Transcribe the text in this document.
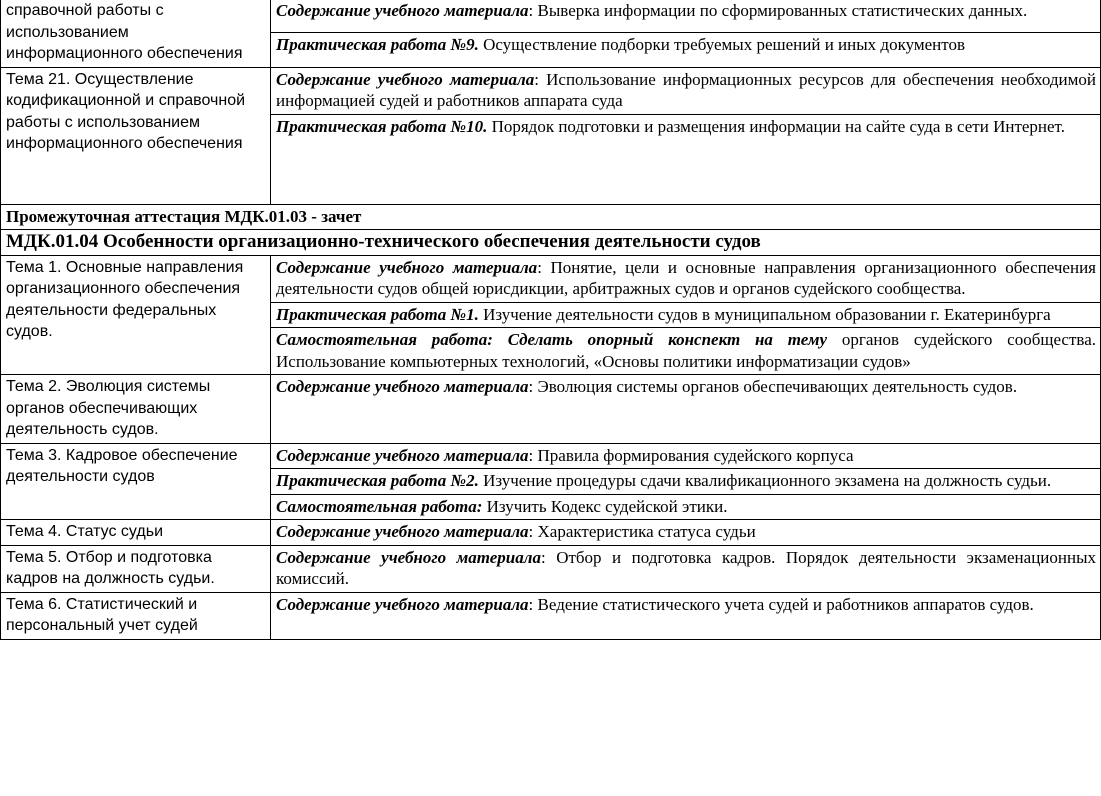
справочной работы с использованием информационного обеспечения	Содержание учебного материала: Выверка информации по сформированных статистических данных.
	Практическая работа №9. Осуществление подборки требуемых решений и иных документов
Тема 21. Осуществление кодификационной и справочной работы с использованием информационного обеспечения	Содержание учебного материала: Использование информационных ресурсов для обеспечения необходимой информацией судей и работников аппарата суда
	Практическая работа №10. Порядок подготовки и размещения информации на сайте суда в сети Интернет.
Промежуточная аттестация МДК.01.03 - зачет	
МДК.01.04 Особенности организационно-технического обеспечения деятельности судов	
Тема 1. Основные направления организационного обеспечения деятельности федеральных судов.	Содержание учебного материала: Понятие, цели и основные направления организационного обеспечения деятельности судов общей юрисдикции, арбитражных судов и органов судейского сообщества.
	Практическая работа №1. Изучение деятельности судов в муниципальном образовании г. Екатеринбурга
	Самостоятельная работа: Сделать опорный конспект на тему органов судейского сообщества. Использование компьютерных технологий, «Основы политики информатизации судов»
Тема 2. Эволюция системы органов обеспечивающих деятельность судов.	Содержание учебного материала: Эволюция системы органов обеспечивающих деятельность судов.
Тема 3. Кадровое обеспечение деятельности судов	Содержание учебного материала: Правила формирования судейского корпуса
	Практическая работа №2. Изучение процедуры сдачи квалификационного экзамена на должность судьи.
	Самостоятельная работа: Изучить Кодекс судейской этики.
Тема 4. Статус судьи	Содержание учебного материала: Характеристика статуса судьи
Тема 5. Отбор и подготовка кадров на должность судьи.	Содержание учебного материала: Отбор и подготовка кадров. Порядок деятельности экзаменационных комиссий.
Тема 6. Статистический и персональный учет судей	Содержание учебного материала: Ведение статистического учета судей и работников аппаратов судов.
